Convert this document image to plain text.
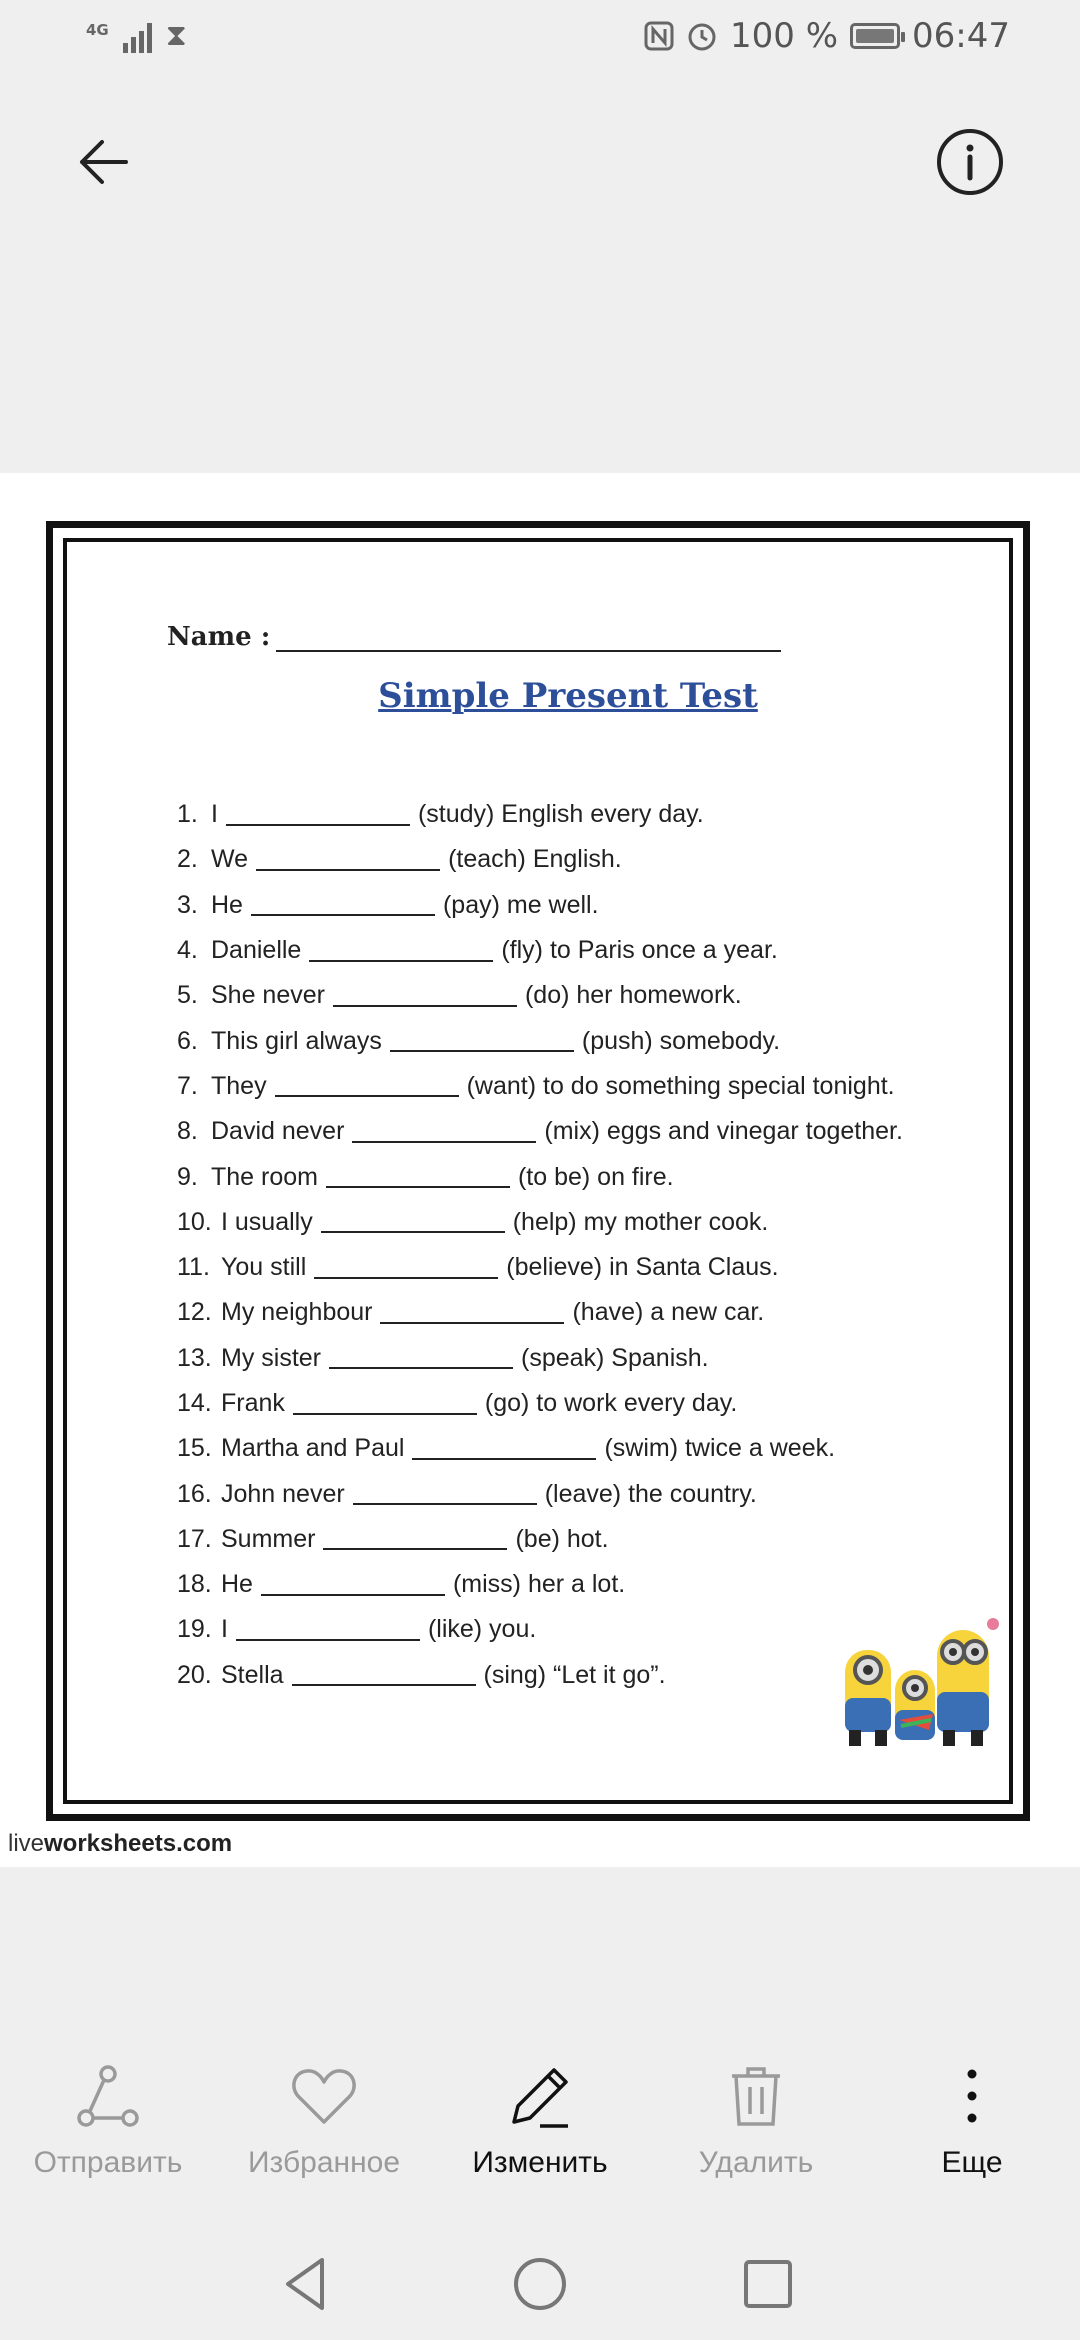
4G ⧗	100 % 06:47
Name :
Simple Present Test
1. I	(study) English every day.
2. We	(teach) English.
3. He	(pay) me well.
4. Danielle	(fly) to Paris once a year.
5. She never	(do) her homework.
6. This girl always	(push) somebody.
7. They	(want) to do something special tonight.
8. David never	(mix) eggs and vinegar together.
9. The room	(to be) on fire.
10. I usually	(help) my mother cook.
11. You still	(believe) in Santa Claus.
12. My neighbour	(have) a new car.
13. My sister	(speak) Spanish.
14. Frank	(go) to work every day.
15. Martha and Paul	(swim) twice a week.
16. John never	(leave) the country.
17. Summer	(be) hot.
18. He	(miss) her a lot.
19. I	(like) you.
20. Stella	(sing) “Let it go”.
liveworksheets.com
Отправить	Избранное	Изменить	Удалить	Еще
